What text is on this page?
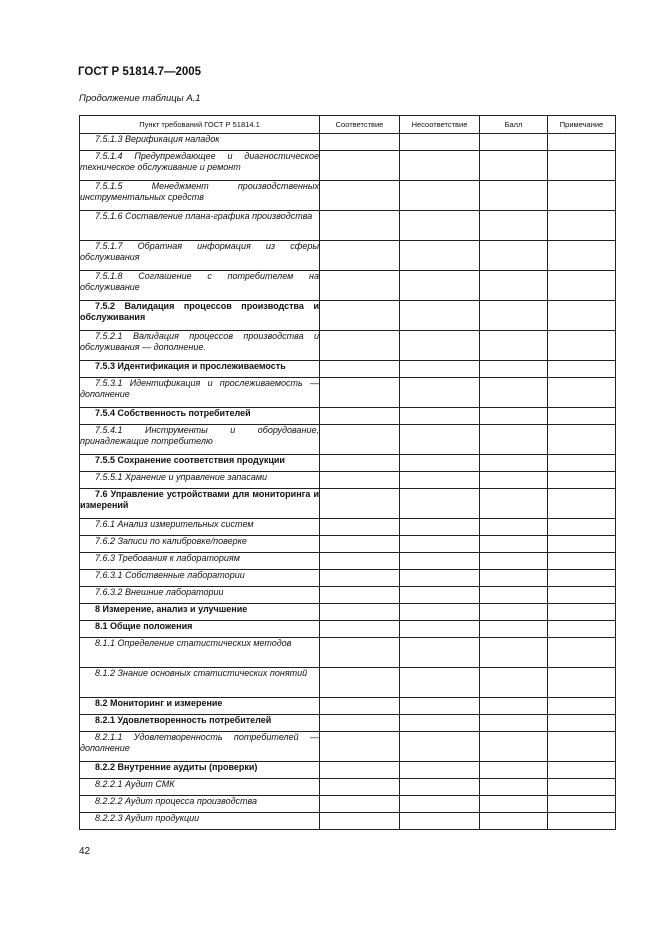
ГОСТ Р 51814.7—2005
Продолжение таблицы А.1
Пункт требований ГОСТ Р 51814.1	Соответствие	Несоответствие	Балл	Примечание

7.5.1.3 Верификация наладок				

7.5.1.4 Предупреждающее и диагностическое техническое обслуживание и ремонт				

7.5.1.5 Менеджмент производственных инструментальных средств				

7.5.1.6 Составление плана-графика производства				

7.5.1.7 Обратная информация из сферы обслуживания				

7.5.1.8 Соглашение с потребителем на обслуживание				

7.5.2 Валидация процессов производства и обслуживания				

7.5.2.1 Валидация процессов производства и обслуживания — дополнение.				

7.5.3 Идентификация и прослеживаемость				

7.5.3.1 Идентификация и прослеживаемость — дополнение				

7.5.4 Собственность потребителей				

7.5.4.1 Инструменты и оборудование, принадлежащие потребителю				

7.5.5 Сохранение соответствия продукции				

7.5.5.1 Хранение и управление запасами				

7.6 Управление устройствами для мониторинга и измерений				

7.6.1 Анализ измерительных систем				

7.6.2 Записи по калибровке/поверке				

7.6.3 Требования к лабораториям				

7.6.3.1 Собственные лаборатории				

7.6.3.2 Внешние лаборатории				

8 Измерение, анализ и улучшение				

8.1 Общие положения				

8.1.1 Определение статистических методов				

8.1.2 Знание основных статистических понятий				

8.2 Мониторинг и измерение				

8.2.1 Удовлетворенность потребителей				

8.2.1.1 Удовлетворенность потребителей — дополнение				

8.2.2 Внутренние аудиты (проверки)				

8.2.2.1 Аудит СМК				

8.2.2.2 Аудит процесса производства				

8.2.2.3 Аудит продукции				

42
